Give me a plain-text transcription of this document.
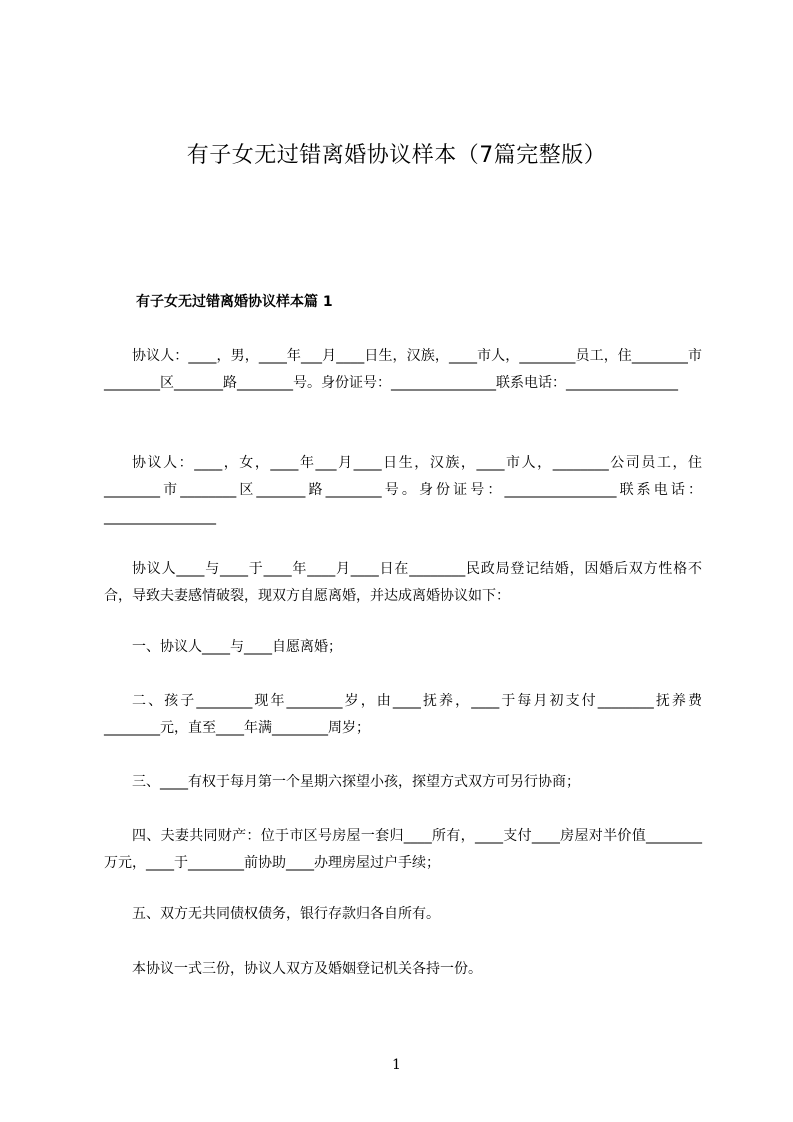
有子女无过错离婚协议样本（7篇完整版）
有子女无过错离婚协议样本篇 1

协议人：____，男，____年___月____日生，汉族，____市人，________员工，住________市________区_______路________号。身份证号：_______________联系电话：________________

协议人：____，女，____年___月____日生，汉族，____市人，________公司员工，住________市________区_______路________号。身份证号：________________联系电话：________________

协议人____与____于____年____月____日在________民政局登记结婚，因婚后双方性格不合，导致夫妻感情破裂，现双方自愿离婚，并达成离婚协议如下：

一、协议人____与____自愿离婚；

二、孩子________现年________岁，由____抚养，____于每月初支付________抚养费________元，直至____年满________周岁；

三、____有权于每月第一个星期六探望小孩，探望方式双方可另行协商；

四、夫妻共同财产：位于市区号房屋一套归____所有，____支付____房屋对半价值________万元，____于________前协助____办理房屋过户手续；

五、双方无共同债权债务，银行存款归各自所有。

本协议一式三份，协议人双方及婚姻登记机关各持一份。

1
